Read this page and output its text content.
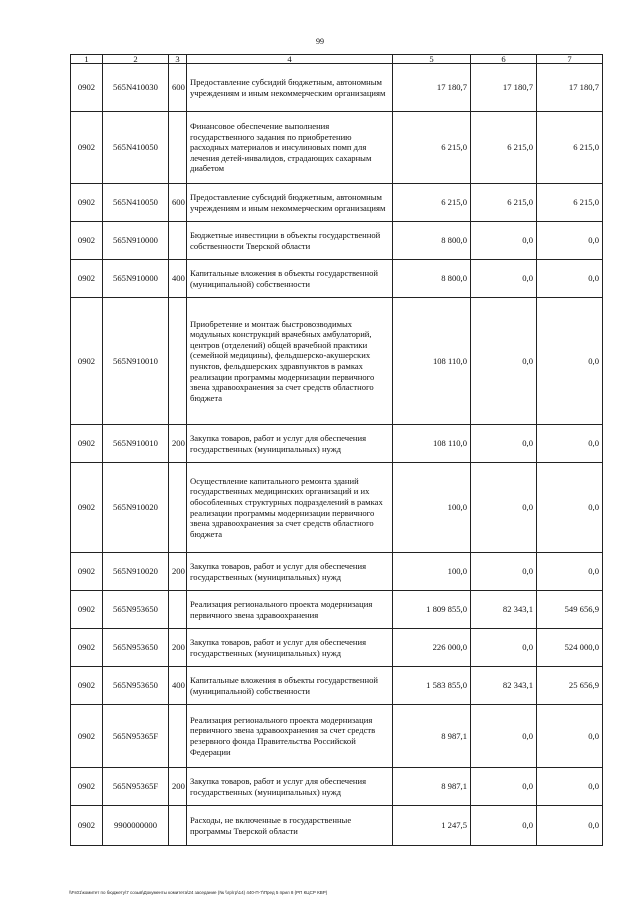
99
1	2	3	4	5	6	7
0902	565N410030	600	Предоставление субсидий бюджетным, автономным учреждениям и иным некоммерческим организациям	17 180,7	17 180,7	17 180,7
0902	565N410050		Финансовое обеспечение выполнения государственного задания по приобретению расходных материалов и инсулиновых помп для лечения детей-инвалидов, страдающих сахарным диабетом	6 215,0	6 215,0	6 215,0
0902	565N410050	600	Предоставление субсидий бюджетным, автономным учреждениям и иным некоммерческим организациям	6 215,0	6 215,0	6 215,0
0902	565N910000		Бюджетные инвестиции в объекты государственной собственности Тверской области	8 800,0	0,0	0,0
0902	565N910000	400	Капитальные вложения в объекты государственной (муниципальной) собственности	8 800,0	0,0	0,0
0902	565N910010		Приобретение и монтаж быстровозводимых модульных конструкций врачебных амбулаторий, центров (отделений) общей врачебной практики (семейной медицины), фельдшерско-акушерских пунктов, фельдшерских здравпунктов в рамках реализации программы модернизации первичного звена здравоохранения за счет средств областного бюджета	108 110,0	0,0	0,0
0902	565N910010	200	Закупка товаров, работ и услуг для обеспечения государственных (муниципальных) нужд	108 110,0	0,0	0,0
0902	565N910020		Осуществление капитального ремонта зданий государственных медицинских организаций и их обособленных структурных подразделений в рамках реализации программы модернизации первичного звена здравоохранения за счет средств областного бюджета	100,0	0,0	0,0
0902	565N910020	200	Закупка товаров, работ и услуг для обеспечения государственных (муниципальных) нужд	100,0	0,0	0,0
0902	565N953650		Реализация регионального проекта модернизация первичного звена здравоохранения	1 809 855,0	82 343,1	549 656,9
0902	565N953650	200	Закупка товаров, работ и услуг для обеспечения государственных (муниципальных) нужд	226 000,0	0,0	524 000,0
0902	565N953650	400	Капитальные вложения в объекты государственной (муниципальной) собственности	1 583 855,0	82 343,1	25 656,9
0902	565N95365F		Реализация регионального проекта модернизация первичного звена здравоохранения за счет средств резервного фонда Правительства Российской Федерации	8 987,1	0,0	0,0
0902	565N95365F	200	Закупка товаров, работ и услуг для обеспечения государственных (муниципальных) нужд	8 987,1	0,0	0,0
0902	9900000000		Расходы, не включенные в государственные программы Тверской области	1 247,5	0,0	0,0
\\Fs01\комитет по бюджету\7 созыв\Документы комитета\24 заседание (№ \\гр\гр\14) 440-П-7\Пред 5 прил 8 (РП КЦСР КВР)
